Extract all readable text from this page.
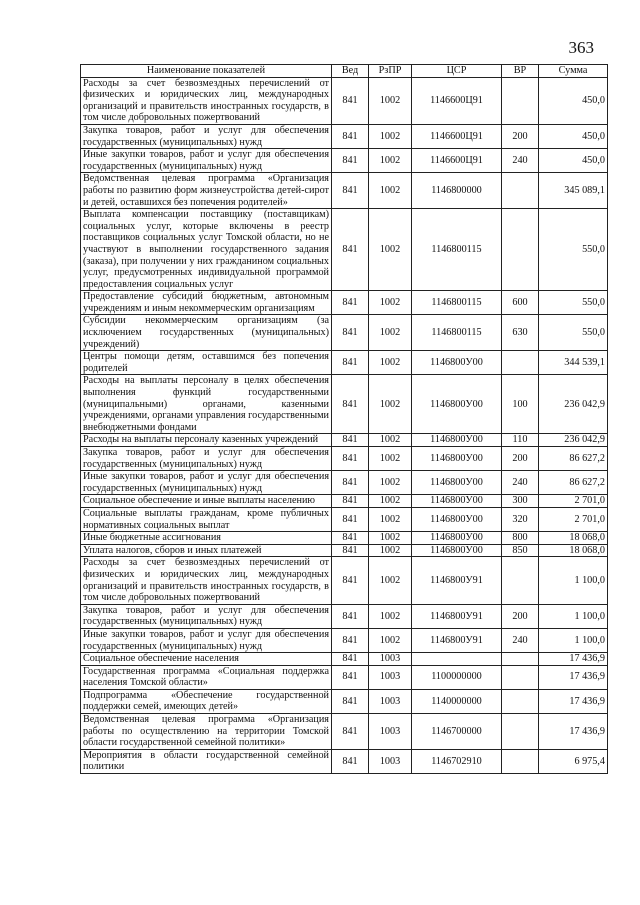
363
Наименование показателей	Вед	РзПР	ЦСР	ВР	Сумма
Расходы за счет безвозмездных перечислений от физических и юридических лиц, международных организаций и правительств иностранных государств, в том числе добровольных пожертвований	841	1002	1146600Ц91		450,0
Закупка товаров, работ и услуг для обеспечения государственных (муниципальных) нужд	841	1002	1146600Ц91	200	450,0
Иные закупки товаров, работ и услуг для обеспечения государственных (муниципальных) нужд	841	1002	1146600Ц91	240	450,0
Ведомственная целевая программа «Организация работы по развитию форм жизнеустройства детей-сирот и детей, оставшихся без попечения родителей»	841	1002	1146800000		345 089,1
Выплата компенсации поставщику (поставщикам) социальных услуг, которые включены в реестр поставщиков социальных услуг Томской области, но не участвуют в выполнении государственного задания (заказа), при получении у них гражданином социальных услуг, предусмотренных индивидуальной программой предоставления социальных услуг	841	1002	1146800115		550,0
Предоставление субсидий бюджетным, автономным учреждениям и иным некоммерческим организациям	841	1002	1146800115	600	550,0
Субсидии некоммерческим организациям (за исключением государственных (муниципальных) учреждений)	841	1002	1146800115	630	550,0
Центры помощи детям, оставшимся без попечения родителей	841	1002	1146800У00		344 539,1
Расходы на выплаты персоналу в целях обеспечения выполнения функций государственными (муниципальными) органами, казенными учреждениями, органами управления государственными внебюджетными фондами	841	1002	1146800У00	100	236 042,9
Расходы на выплаты персоналу казенных учреждений	841	1002	1146800У00	110	236 042,9
Закупка товаров, работ и услуг для обеспечения государственных (муниципальных) нужд	841	1002	1146800У00	200	86 627,2
Иные закупки товаров, работ и услуг для обеспечения государственных (муниципальных) нужд	841	1002	1146800У00	240	86 627,2
Социальное обеспечение и иные выплаты населению	841	1002	1146800У00	300	2 701,0
Социальные выплаты гражданам, кроме публичных нормативных социальных выплат	841	1002	1146800У00	320	2 701,0
Иные бюджетные ассигнования	841	1002	1146800У00	800	18 068,0
Уплата налогов, сборов и иных платежей	841	1002	1146800У00	850	18 068,0
Расходы за счет безвозмездных перечислений от физических и юридических лиц, международных организаций и правительств иностранных государств, в том числе добровольных пожертвований	841	1002	1146800У91		1 100,0
Закупка товаров, работ и услуг для обеспечения государственных (муниципальных) нужд	841	1002	1146800У91	200	1 100,0
Иные закупки товаров, работ и услуг для обеспечения государственных (муниципальных) нужд	841	1002	1146800У91	240	1 100,0
Социальное обеспечение населения	841	1003			17 436,9
Государственная программа «Социальная поддержка населения Томской области»	841	1003	1100000000		17 436,9
Подпрограмма «Обеспечение государственной поддержки семей, имеющих детей»	841	1003	1140000000		17 436,9
Ведомственная целевая программа «Организация работы по осуществлению на территории Томской области государственной семейной политики»	841	1003	1146700000		17 436,9
Мероприятия в области государственной семейной политики	841	1003	1146702910		6 975,4
